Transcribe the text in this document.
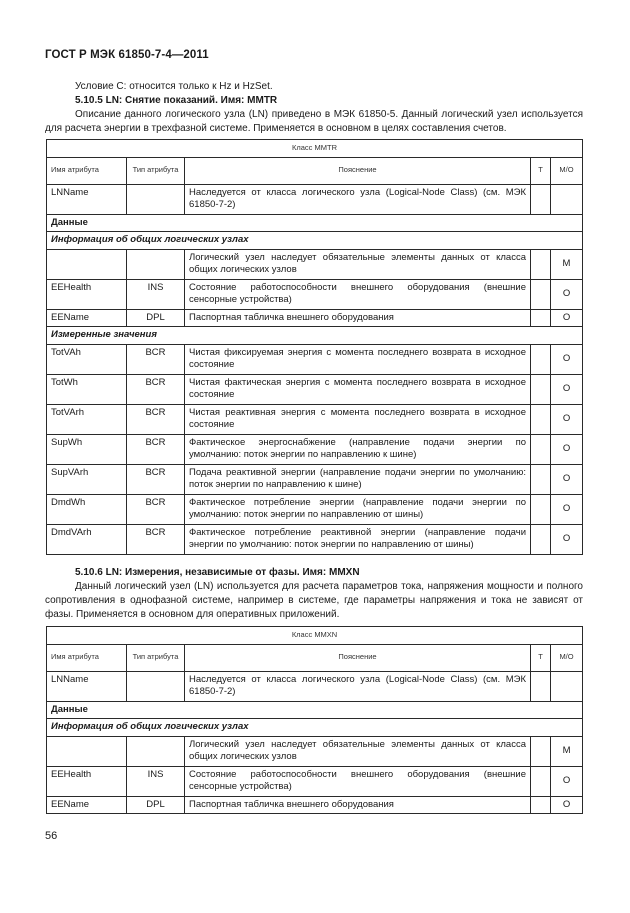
ГОСТ Р МЭК 61850-7-4—2011
Условие С: относится только к Hz и HzSet.
5.10.5 LN: Снятие показаний. Имя: MMTR
Описание данного логического узла (LN) приведено в МЭК 61850-5. Данный логический узел используется для расчета энергии в трехфазной системе. Применяется в основном в целях составления счетов.
Класс MMTR				
Имя атрибута	Тип атрибута	Пояснение	T	М/О
LNName		Наследуется от класса логического узла (Logical-Node Class) (см. МЭК 61850-7-2)		
Данные				
Информация об общих логических узлах				
		Логический узел наследует обязательные элементы данных от класса общих логических узлов		M
EEHealth	INS	Состояние работоспособности внешнего оборудования (внешние сенсорные устройства)		O
EEName	DPL	Паспортная табличка внешнего оборудования		O
Измеренные значения				
TotVAh	BCR	Чистая фиксируемая энергия с момента последнего возврата в исходное состояние		O
TotWh	BCR	Чистая фактическая энергия с момента последнего возврата в исходное состояние		O
TotVArh	BCR	Чистая реактивная энергия с момента последнего возврата в исходное состояние		O
SupWh	BCR	Фактическое энергоснабжение (направление подачи энергии по умолчанию: поток энергии по направлению к шине)		O
SupVArh	BCR	Подача реактивной энергии (направление подачи энергии по умолчанию: поток энергии по направлению к шине)		O
DmdWh	BCR	Фактическое потребление энергии (направление подачи энергии по умолчанию: поток энергии по направлению от шины)		O
DmdVArh	BCR	Фактическое потребление реактивной энергии (направление подачи энергии по умолчанию: поток энергии по направлению от шины)		O
5.10.6 LN: Измерения, независимые от фазы. Имя: MMXN
Данный логический узел (LN) используется для расчета параметров тока, напряжения мощности и полного сопротивления в однофазной системе, например в системе, где параметры напряжения и тока не зависят от фазы. Применяется в основном для оперативных приложений.
Класс MMXN				
Имя атрибута	Тип атрибута	Пояснение	T	М/О
LNName		Наследуется от класса логического узла (Logical-Node Class) (см. МЭК 61850-7-2)		
Данные				
Информация об общих логических узлах				
		Логический узел наследует обязательные элементы данных от класса общих логических узлов		M
EEHealth	INS	Состояние работоспособности внешнего оборудования (внешние сенсорные устройства)		O
EEName	DPL	Паспортная табличка внешнего оборудования		O
56
